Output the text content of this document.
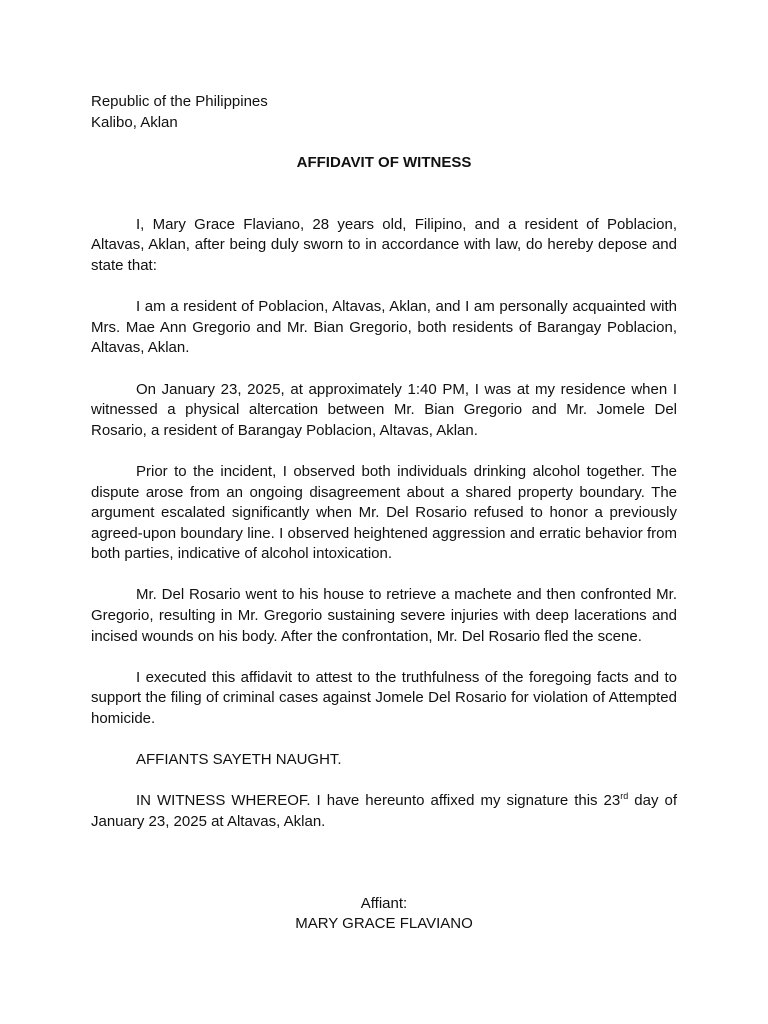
Republic of the Philippines

Kalibo, Aklan

AFFIDAVIT OF WITNESS

I, Mary Grace Flaviano, 28 years old, Filipino, and a resident of Poblacion, Altavas, Aklan, after being duly sworn to in accordance with law, do hereby depose and state that:

I am a resident of Poblacion, Altavas, Aklan, and I am personally acquainted with Mrs. Mae Ann Gregorio and Mr. Bian Gregorio, both residents of Barangay Poblacion, Altavas, Aklan.

On January 23, 2025, at approximately 1:40 PM, I was at my residence when I witnessed a physical altercation between Mr. Bian Gregorio and Mr. Jomele Del Rosario, a resident of Barangay Poblacion, Altavas, Aklan.

Prior to the incident, I observed both individuals drinking alcohol together. The dispute arose from an ongoing disagreement about a shared property boundary. The argument escalated significantly when Mr. Del Rosario refused to honor a previously agreed-upon boundary line. I observed heightened aggression and erratic behavior from both parties, indicative of alcohol intoxication.

Mr. Del Rosario went to his house to retrieve a machete and then confronted Mr. Gregorio, resulting in Mr. Gregorio sustaining severe injuries with deep lacerations and incised wounds on his body. After the confrontation, Mr. Del Rosario fled the scene.

I executed this affidavit to attest to the truthfulness of the foregoing facts and to support the filing of criminal cases against Jomele Del Rosario for violation of Attempted homicide.

AFFIANTS SAYETH NAUGHT.

IN WITNESS WHEREOF. I have hereunto affixed my signature this 23rd day of January 23, 2025 at Altavas, Aklan.

Affiant:
MARY GRACE FLAVIANO
